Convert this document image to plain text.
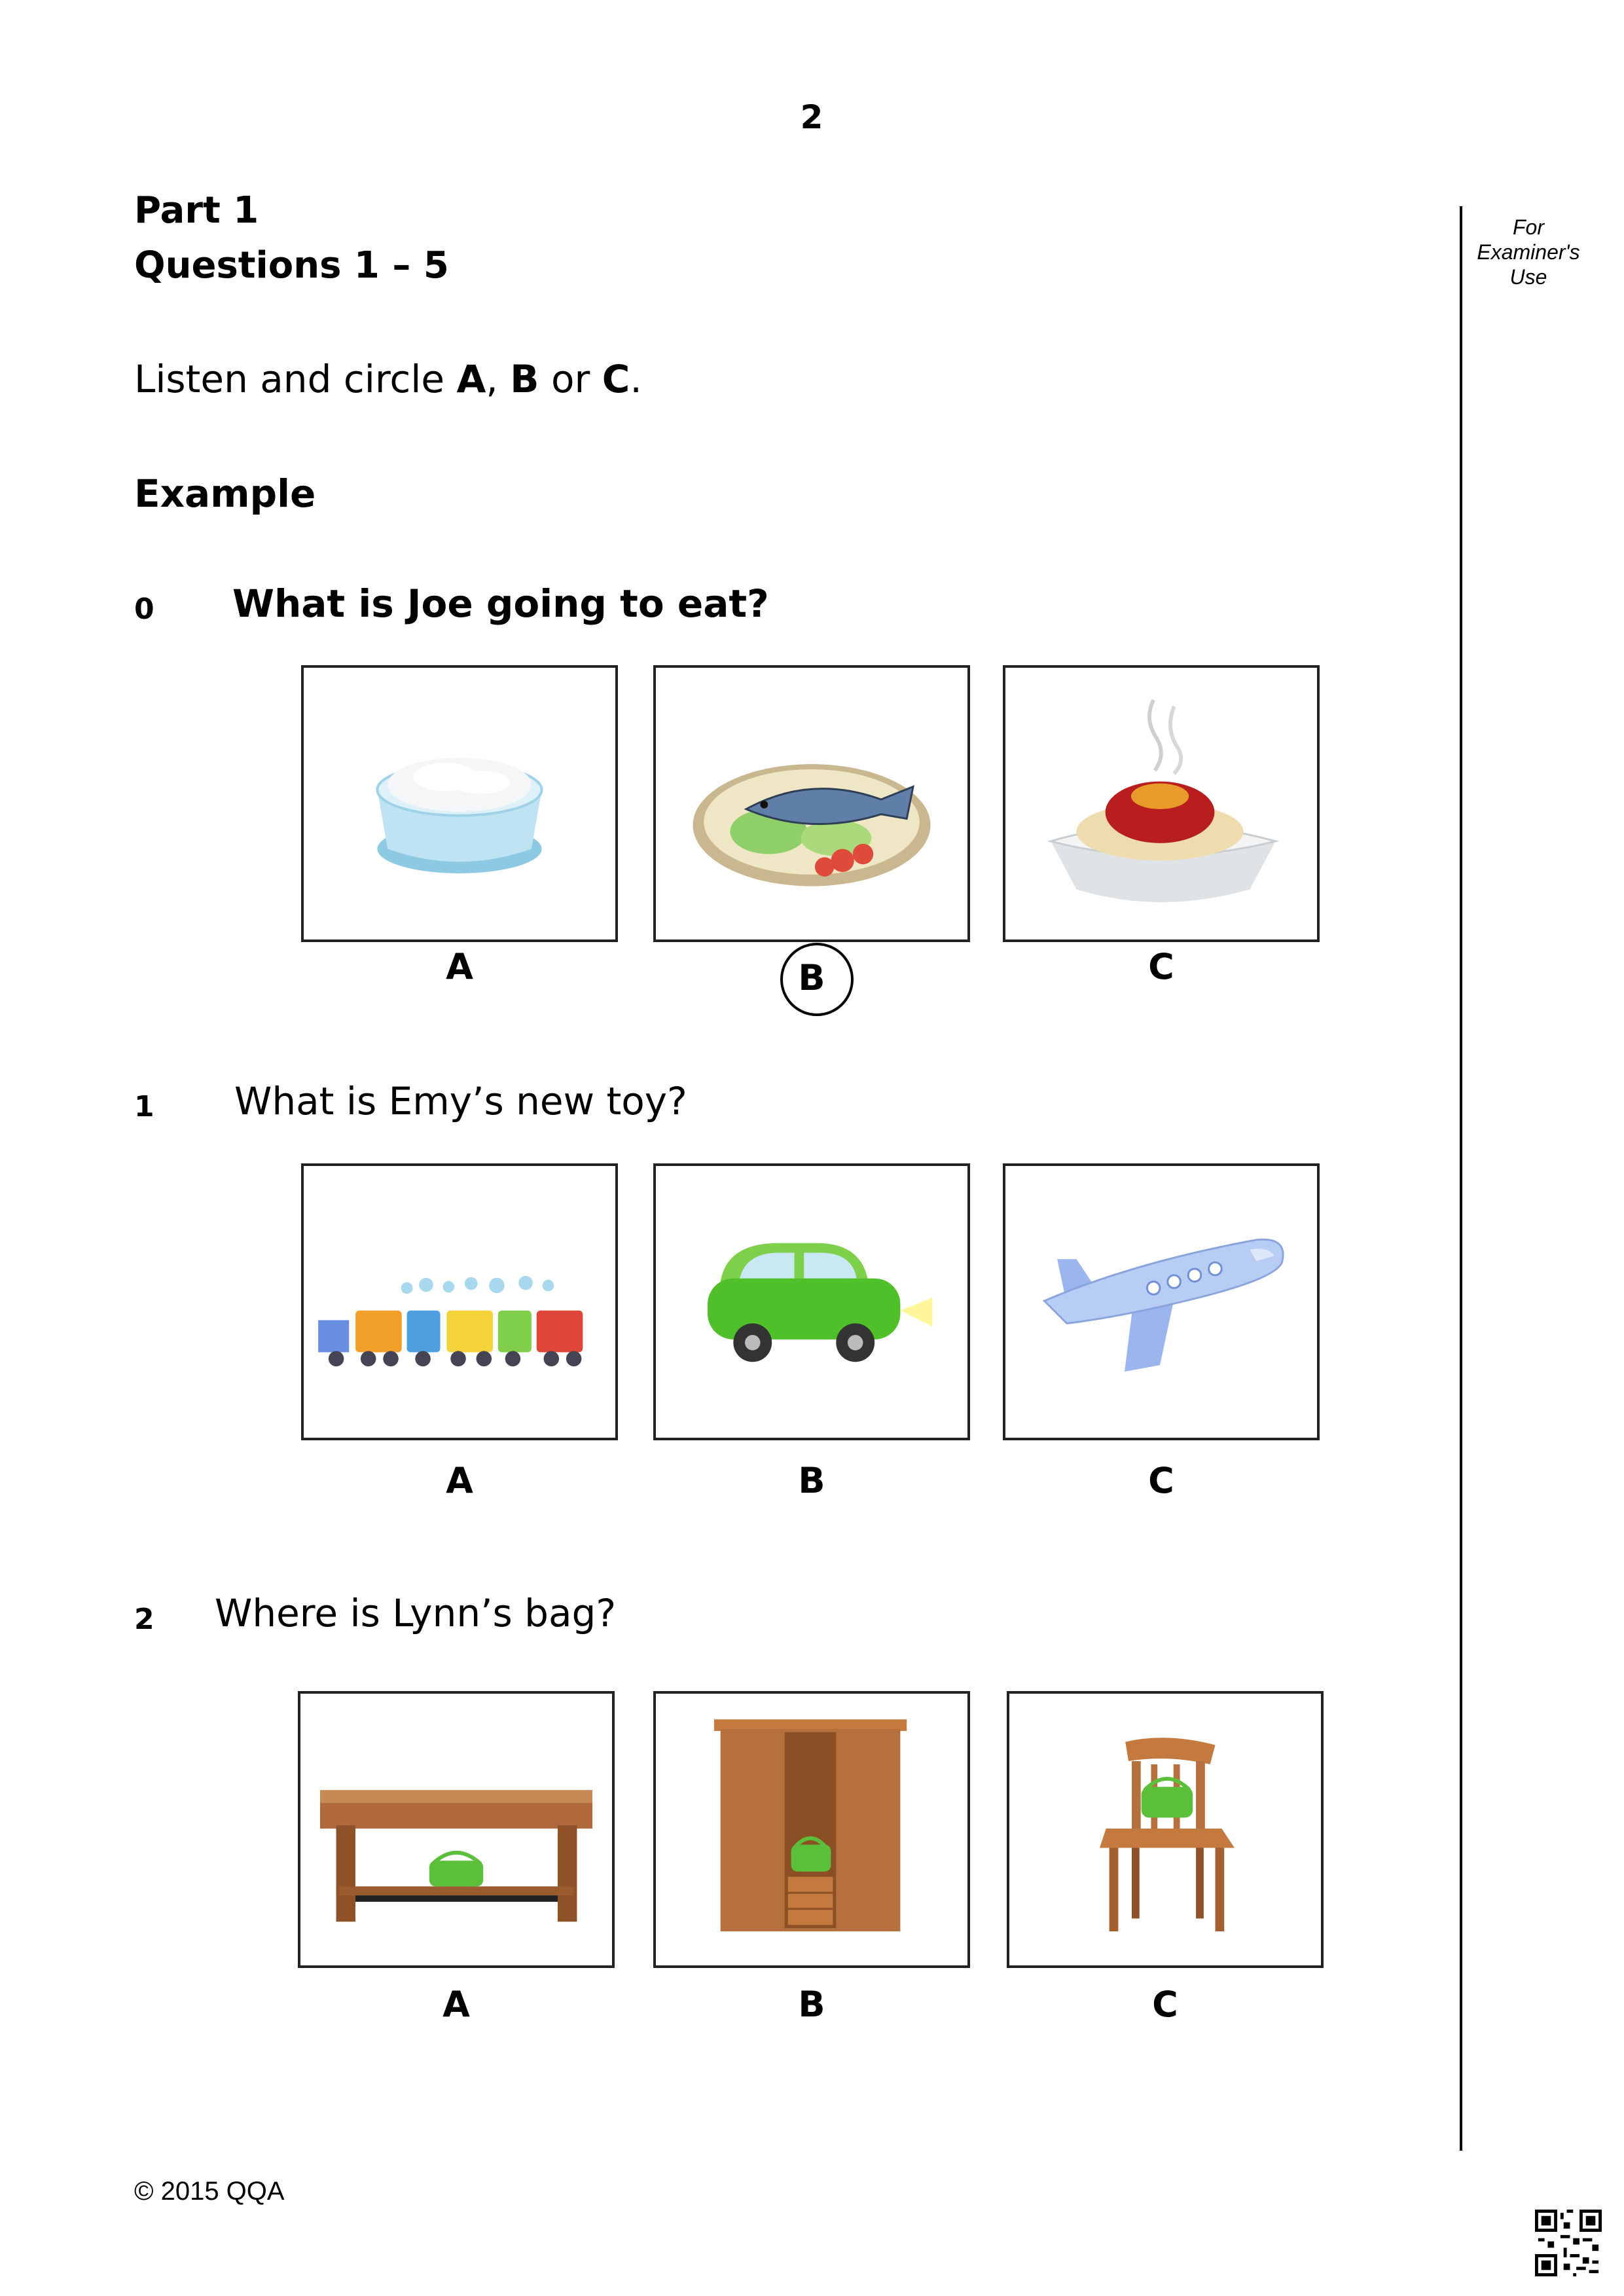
2
Part 1
Questions 1 – 5
Listen and circle A, B or C.
Example
0 What is Joe going to eat?
A	B	C
1 What is Emy’s new toy?
A	B	C
2 Where is Lynn’s bag?
A	B	C
For
Examiner's
Use
© 2015 QQA
